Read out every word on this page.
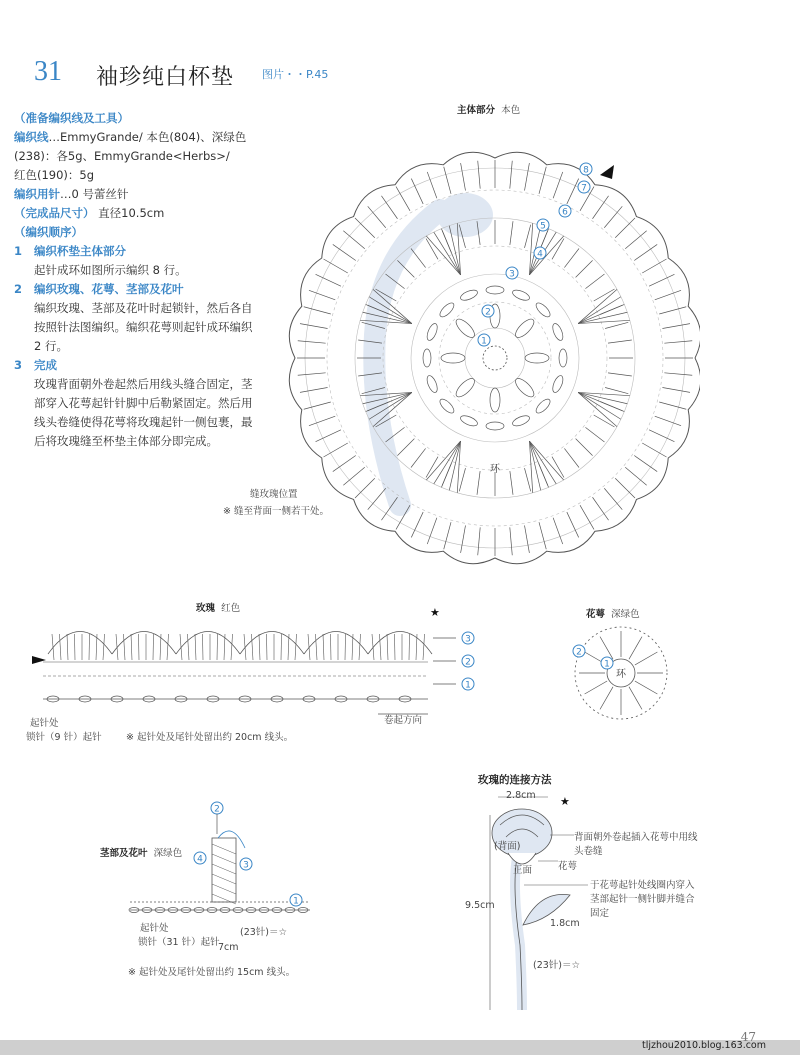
31 袖珍纯白杯垫	图片・・P.45
（准备编织线及工具）
编织线…EmmyGrande/ 本色(804)、深绿色
(238)：各5g、EmmyGrande<Herbs>/
红色(190)：5g
编织用针…0 号蕾丝针
（完成品尺寸） 直径10.5cm
（编织顺序）
1 编织杯垫主体部分
起针成环如图所示编织 8 行。
2 编织玫瑰、花萼、茎部及花叶
编织玫瑰、茎部及花叶时起锁针，然后各自
按照针法图编织。编织花萼则起针成环编织
2 行。
3 完成
玫瑰背面朝外卷起然后用线头缝合固定，茎
部穿入花萼起针针脚中后勒紧固定。然后用
线头卷缝使得花萼将玫瑰起针一侧包裹，最
后将玫瑰缝至杯垫主体部分即完成。
主体部分 本色
1
2
3
4
5
6
7
8
环
缝玫瑰位置
※ 缝至背面一侧若干处。
玫瑰 红色
3
2
1
★
起针处
锁针（9 针）起针
卷起方向
※ 起针处及尾针处留出约 20cm 线头。
花萼 深绿色
2
1
环
茎部及花叶 深绿色
2
3
4
1
起针处
锁针（31 针）起针
(23针)＝☆
7cm
※ 起针处及尾针处留出约 15cm 线头。
玫瑰的连接方法
★
2.8cm
9.5cm
(背面)
正面
1.8cm
(23针)＝☆
背面朝外卷起插入花萼中用线
头卷缝
花萼
于花萼起针处线圈内穿入
茎部起针一侧针脚并缝合
固定
47
tljzhou2010.blog.163.com
